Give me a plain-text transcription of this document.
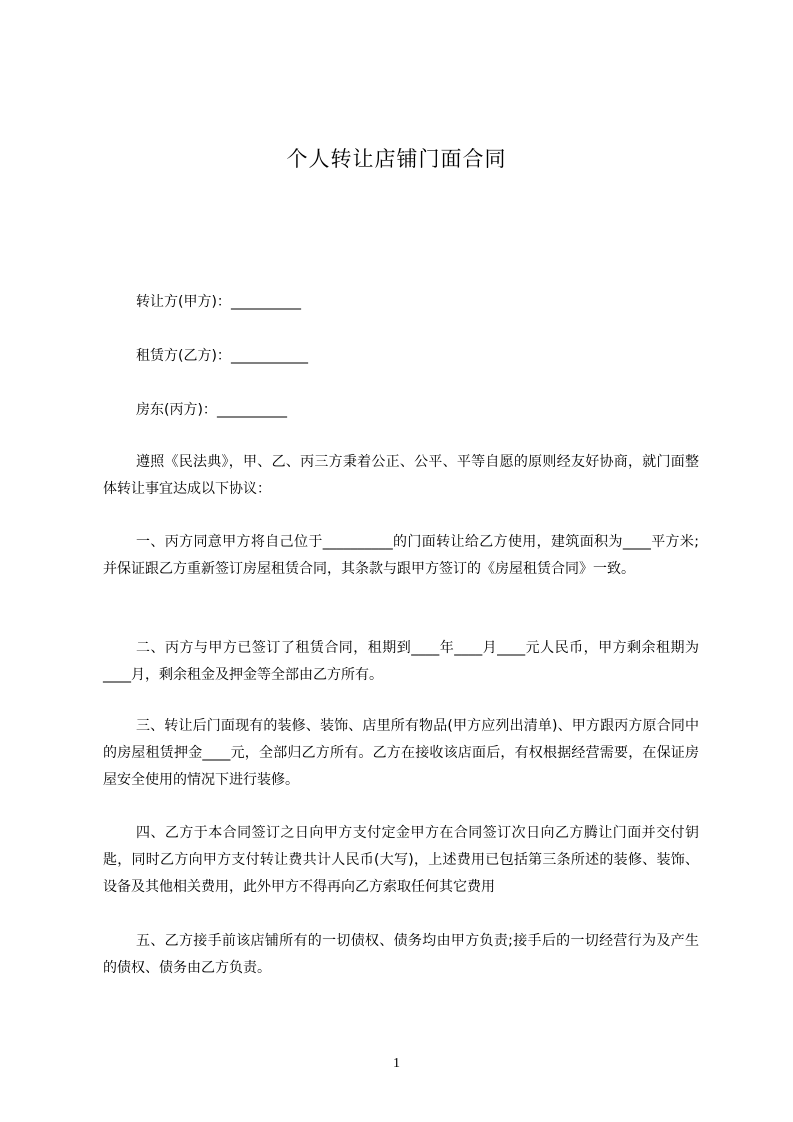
个人转让店铺门面合同
转让方(甲方)：__________
租赁方(乙方)：___________
房东(丙方)：__________
遵照《民法典》，甲、乙、丙三方秉着公正、公平、平等自愿的原则经友好协商，就门面整体转让事宜达成以下协议：
一、丙方同意甲方将自己位于__________的门面转让给乙方使用，建筑面积为____平方米;并保证跟乙方重新签订房屋租赁合同，其条款与跟甲方签订的《房屋租赁合同》一致。
二、丙方与甲方已签订了租赁合同，租期到____年____月____元人民币，甲方剩余租期为____月，剩余租金及押金等全部由乙方所有。
三、转让后门面现有的装修、装饰、店里所有物品(甲方应列出清单)、甲方跟丙方原合同中的房屋租赁押金____元，全部归乙方所有。乙方在接收该店面后，有权根据经营需要，在保证房屋安全使用的情况下进行装修。
四、乙方于本合同签订之日向甲方支付定金甲方在合同签订次日向乙方腾让门面并交付钥匙，同时乙方向甲方支付转让费共计人民币(大写)，上述费用已包括第三条所述的装修、装饰、设备及其他相关费用，此外甲方不得再向乙方索取任何其它费用
五、乙方接手前该店铺所有的一切债权、债务均由甲方负责;接手后的一切经营行为及产生的债权、债务由乙方负责。
1
